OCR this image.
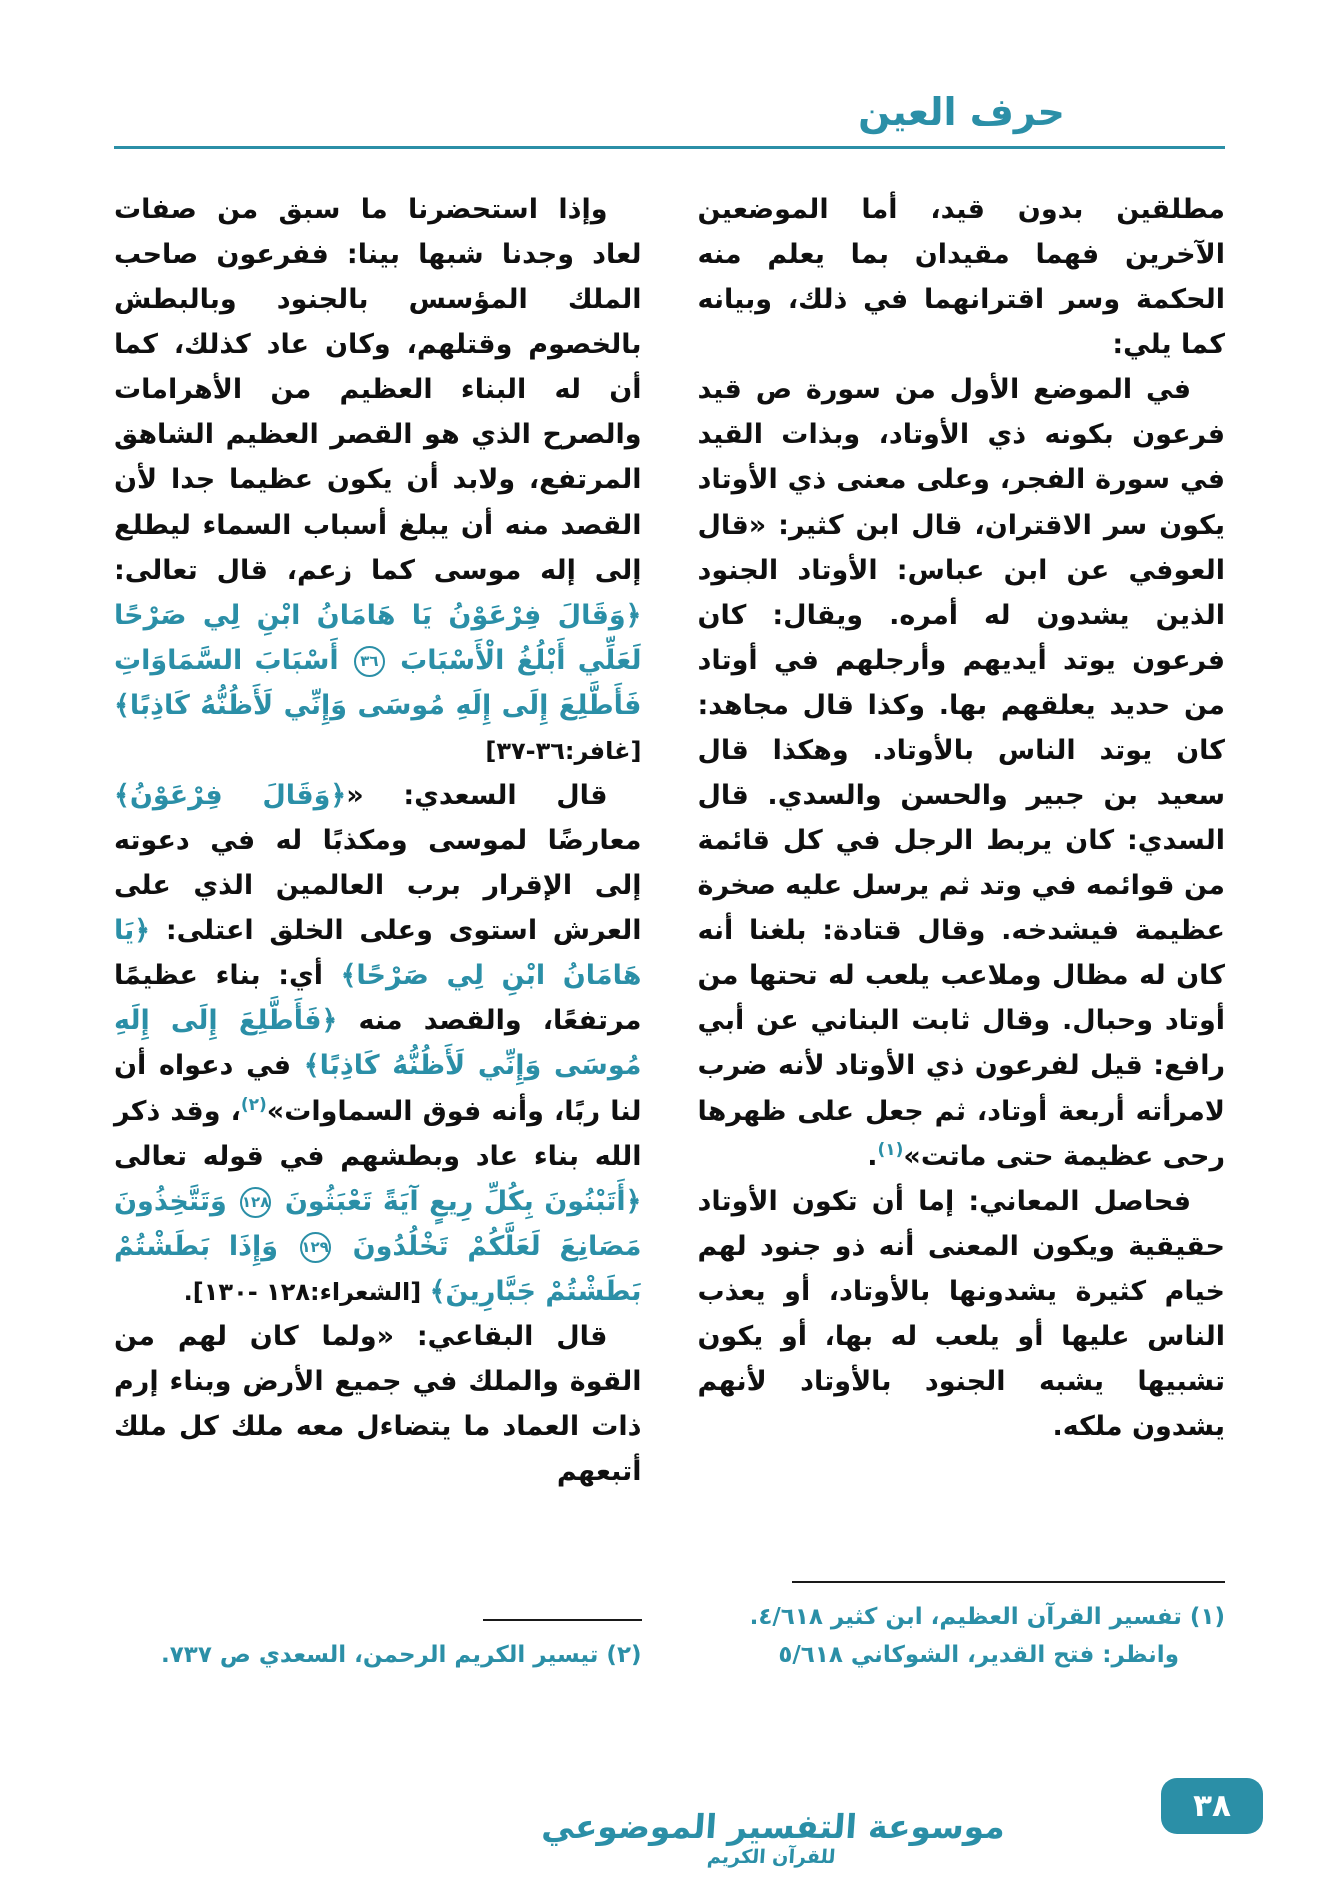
حرف العين

مطلقين بدون قيد، أما الموضعين الآخرين فهما مقيدان بما يعلم منه الحكمة وسر اقترانهما في ذلك، وبيانه كما يلي:

في الموضع الأول من سورة ص قيد فرعون بكونه ذي الأوتاد، وبذات القيد في سورة الفجر، وعلى معنى ذي الأوتاد يكون سر الاقتران، قال ابن كثير: «قال العوفي عن ابن عباس: الأوتاد الجنود الذين يشدون له أمره. ويقال: كان فرعون يوتد أيديهم وأرجلهم في أوتاد من حديد يعلقهم بها. وكذا قال مجاهد: كان يوتد الناس بالأوتاد. وهكذا قال سعيد بن جبير والحسن والسدي. قال السدي: كان يربط الرجل في كل قائمة من قوائمه في وتد ثم يرسل عليه صخرة عظيمة فيشدخه. وقال قتادة: بلغنا أنه كان له مظال وملاعب يلعب له تحتها من أوتاد وحبال. وقال ثابت البناني عن أبي رافع: قيل لفرعون ذي الأوتاد لأنه ضرب لامرأته أربعة أوتاد، ثم جعل على ظهرها رحى عظيمة حتى ماتت»$^{(١)}$.

فحاصل المعاني: إما أن تكون الأوتاد حقيقية ويكون المعنى أنه ذو جنود لهم خيام كثيرة يشدونها بالأوتاد، أو يعذب الناس عليها أو يلعب له بها، أو يكون تشبيها يشبه الجنود بالأوتاد لأنهم يشدون ملكه.

(١) تفسير القرآن العظيم، ابن كثير ٤/٦١٨.
وانظر: فتح القدير، الشوكاني ٥/٦١٨

وإذا استحضرنا ما سبق من صفات لعاد وجدنا شبها بينا: ففرعون صاحب الملك المؤسس بالجنود وبالبطش بالخصوم وقتلهم، وكان عاد كذلك، كما أن له البناء العظيم من الأهرامات والصرح الذي هو القصر العظيم الشاهق المرتفع، ولابد أن يكون عظيما جدا لأن القصد منه أن يبلغ أسباب السماء ليطلع إلى إله موسى كما زعم، قال تعالى: ﴿وَقَالَ فِرْعَوْنُ يَا هَامَانُ ابْنِ لِي صَرْحًا لَعَلِّي أَبْلُغُ الْأَسْبَابَ ٣٦ أَسْبَابَ السَّمَاوَاتِ فَأَطَّلِعَ إِلَى إِلَهِ مُوسَى وَإِنِّي لَأَظُنُّهُ كَاذِبًا﴾ [غافر:٣٦-٣٧]

قال السعدي: «﴿وَقَالَ فِرْعَوْنُ﴾ معارضًا لموسى ومكذبًا له في دعوته إلى الإقرار برب العالمين الذي على العرش استوى وعلى الخلق اعتلى: ﴿يَا هَامَانُ ابْنِ لِي صَرْحًا﴾ أي: بناء عظيمًا مرتفعًا، والقصد منه ﴿فَأَطَّلِعَ إِلَى إِلَهِ مُوسَى وَإِنِّي لَأَظُنُّهُ كَاذِبًا﴾ في دعواه أن لنا ربًا، وأنه فوق السماوات»$^{(٢)}$، وقد ذكر الله بناء عاد وبطشهم في قوله تعالى ﴿أَتَبْنُونَ بِكُلِّ رِيعٍ آيَةً تَعْبَثُونَ ١٢٨ وَتَتَّخِذُونَ مَصَانِعَ لَعَلَّكُمْ تَخْلُدُونَ ١٢٩ وَإِذَا بَطَشْتُمْ بَطَشْتُمْ جَبَّارِينَ﴾ [الشعراء:١٢٨ -١٣٠].

قال البقاعي: «ولما كان لهم من القوة والملك في جميع الأرض وبناء إرم ذات العماد ما يتضاءل معه ملك كل ملك أتبعهم

(٢) تيسير الكريم الرحمن، السعدي ص ٧٣٧.
موسوعة التفسير الموضوعي
للقرآن الكريم
٣٨
